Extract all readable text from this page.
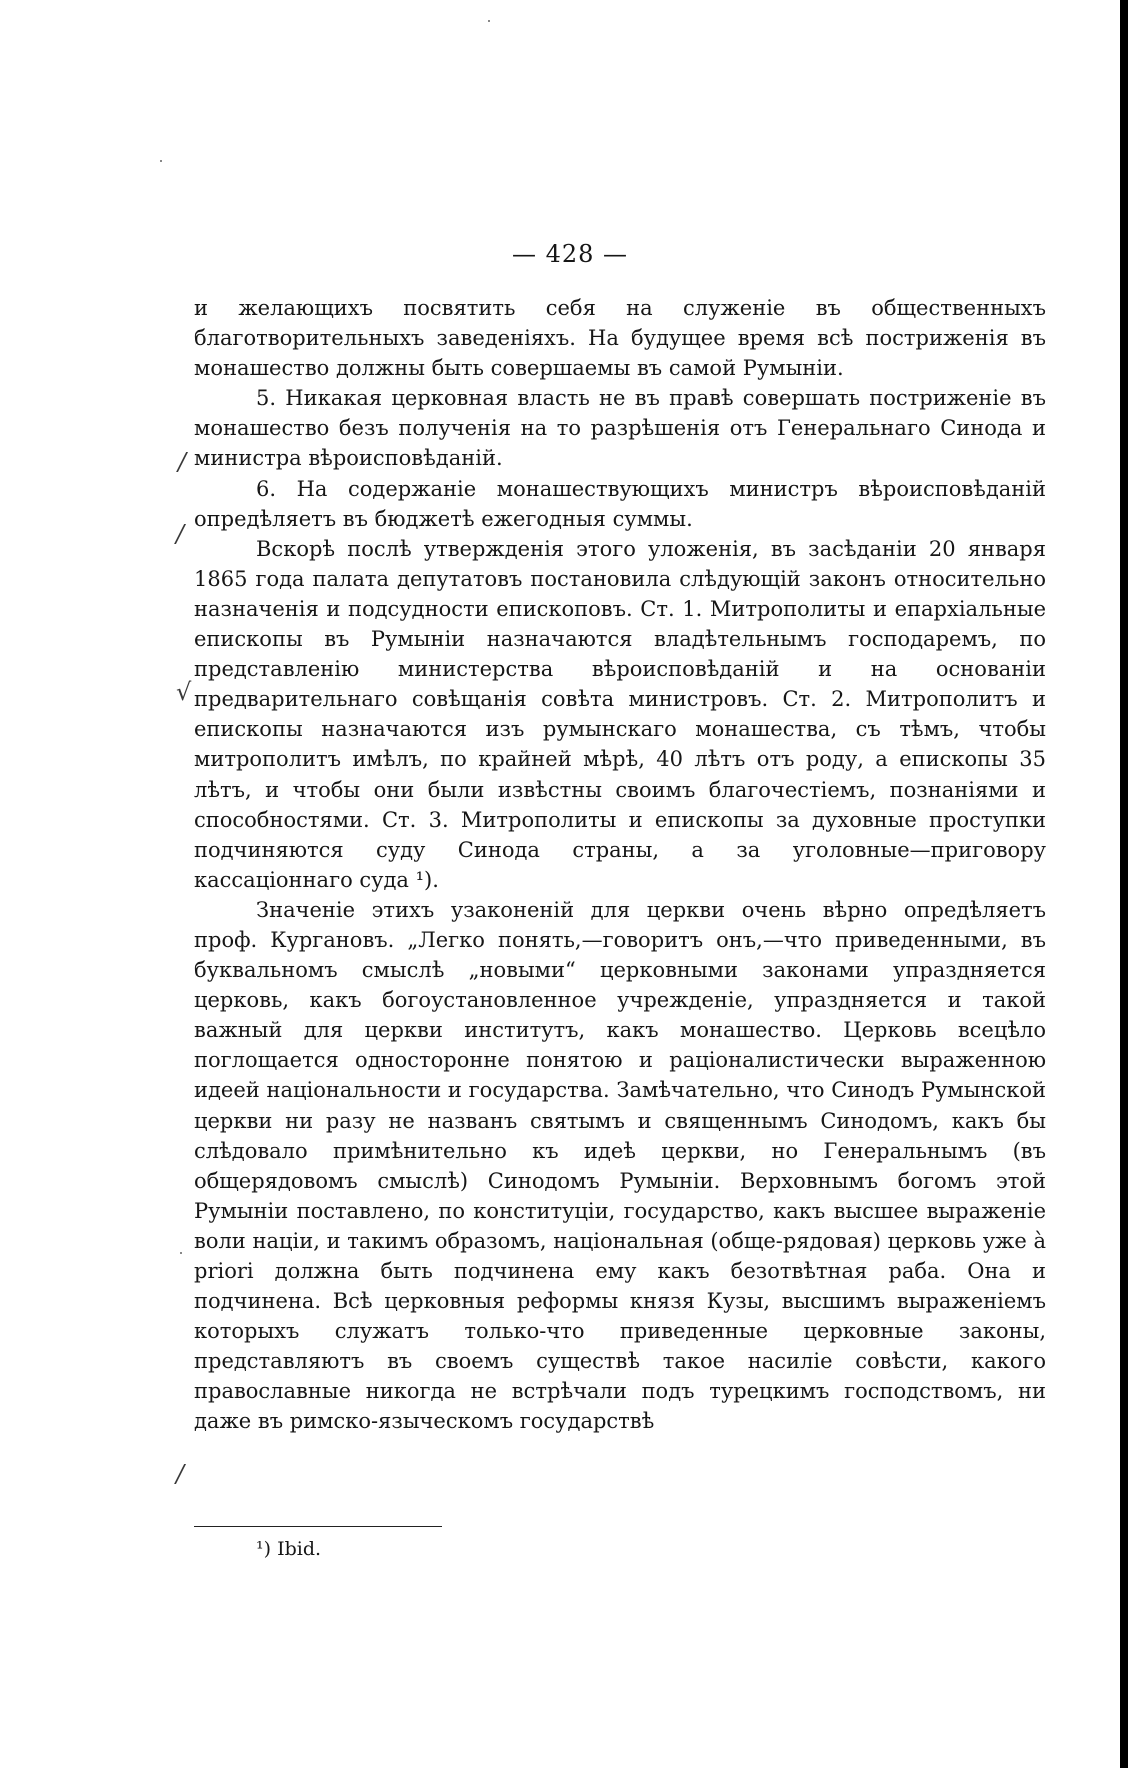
— 428 —

и желающихъ посвятить себя на служеніе въ общественныхъ благотворительныхъ заведеніяхъ. На будущее время всѣ постриженія въ монашество должны быть совершаемы въ самой Румыніи.

5. Никакая церковная власть не въ правѣ совершать постриженіе въ монашество безъ полученія на то разрѣшенія отъ Генеральнаго Синода и министра вѣроисповѣданій.

6. На содержаніе монашествующихъ министръ вѣроисповѣданій опредѣляетъ въ бюджетѣ ежегодныя суммы.

Вскорѣ послѣ утвержденія этого уложенія, въ засѣданіи 20 января 1865 года палата депутатовъ постановила слѣдующій законъ относительно назначенія и подсудности епископовъ. Ст. 1. Митрополиты и епархіальные епископы въ Румыніи назначаются владѣтельнымъ господаремъ, по представленію министерства вѣроисповѣданій и на основаніи предварительнаго совѣщанія совѣта министровъ. Ст. 2. Митрополитъ и епископы назначаются изъ румынскаго монашества, съ тѣмъ, чтобы митрополитъ имѣлъ, по крайней мѣрѣ, 40 лѣтъ отъ роду, а епископы 35 лѣтъ, и чтобы они были извѣстны своимъ благочестіемъ, познаніями и способностями. Ст. 3. Митрополиты и епископы за духовные проступки подчиняются суду Синода страны, а за уголовные—приговору кассаціоннаго суда ¹).

Значеніе этихъ узаконеній для церкви очень вѣрно опредѣляетъ проф. Кургановъ. „Легко понять,—говоритъ онъ,—что приведенными, въ буквальномъ смыслѣ „новыми“ церковными законами упраздняется церковь, какъ богоустановленное учрежденіе, упраздняется и такой важный для церкви институтъ, какъ монашество. Церковь всецѣло поглощается односторонне понятою и раціоналистически выраженною идеей національности и государства. Замѣчательно, что Синодъ Румынской церкви ни разу не названъ святымъ и священнымъ Синодомъ, какъ бы слѣдовало примѣнительно къ идеѣ церкви, но Генеральнымъ (въ общерядовомъ смыслѣ) Синодомъ Румыніи. Верховнымъ богомъ этой Румыніи поставлено, по конституціи, государство, какъ высшее выраженіе воли націи, и такимъ образомъ, національная (обще-рядовая) церковь уже à priori должна быть подчинена ему какъ безотвѣтная раба. Она и подчинена. Всѣ церковныя реформы князя Кузы, высшимъ выраженіемъ которыхъ служатъ только-что приведенные церковные законы, представляютъ въ своемъ существѣ такое насиліе совѣсти, какого православные никогда не встрѣчали подъ турецкимъ господствомъ, ни даже въ римско-языческомъ государствѣ

/
/
√
/
¹) Ibid.
